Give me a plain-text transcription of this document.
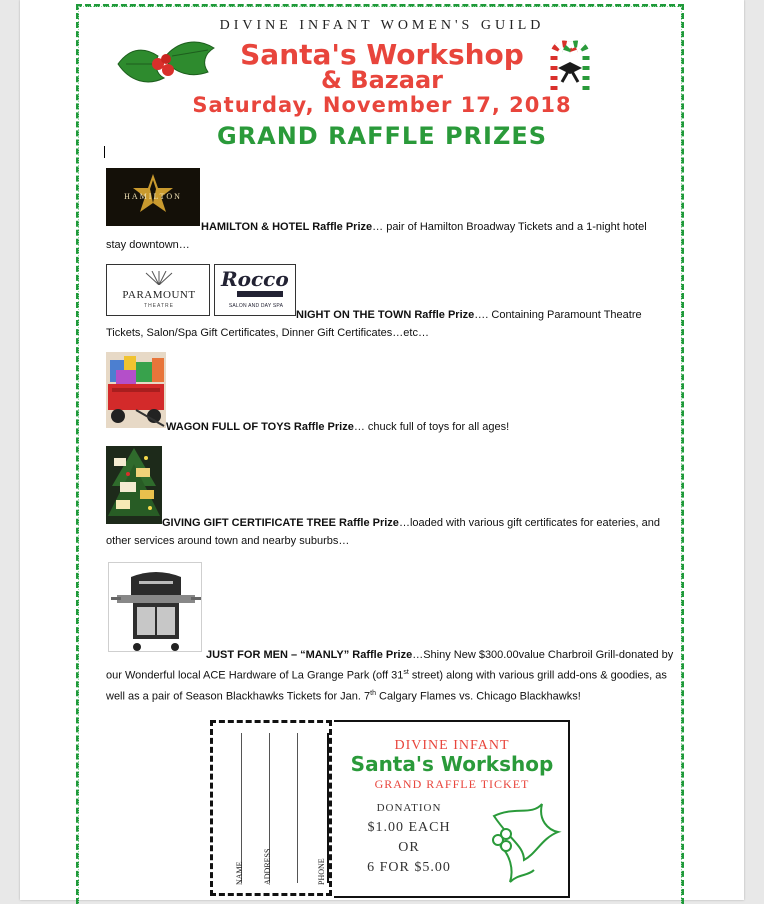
DIVINE INFANT WOMEN'S GUILD
Santa's Workshop
& Bazaar
Saturday, November 17, 2018
GRAND RAFFLE PRIZES
HAMILTON
HAMILTON & HOTEL Raffle Prize… pair of Hamilton Broadway Tickets and a 1-night hotel stay downtown…
PARAMOUNT
THEATRE
Rocco
SALON AND DAY SPA
NIGHT ON THE TOWN Raffle Prize…. Containing Paramount Theatre Tickets, Salon/Spa Gift Certificates, Dinner Gift Certificates…etc…
WAGON FULL OF TOYS Raffle Prize… chuck full of toys for all ages!
GIVING GIFT CERTIFICATE TREE Raffle Prize…loaded with various gift certificates for eateries, and other services around town and nearby suburbs…
JUST FOR MEN – “MANLY” Raffle Prize…Shiny New $300.00value Charbroil Grill-donated by our Wonderful local ACE Hardware of La Grange Park (off 31st street) along with various grill add-ons & goodies, as well as a pair of Season Blackhawks Tickets for Jan. 7th Calgary Flames vs. Chicago Blackhawks!
NAME ADDRESS	PHONE
DIVINE INFANT
Santa's Workshop
GRAND RAFFLE TICKET
DONATION
$1.00 EACH
OR
6 FOR $5.00
